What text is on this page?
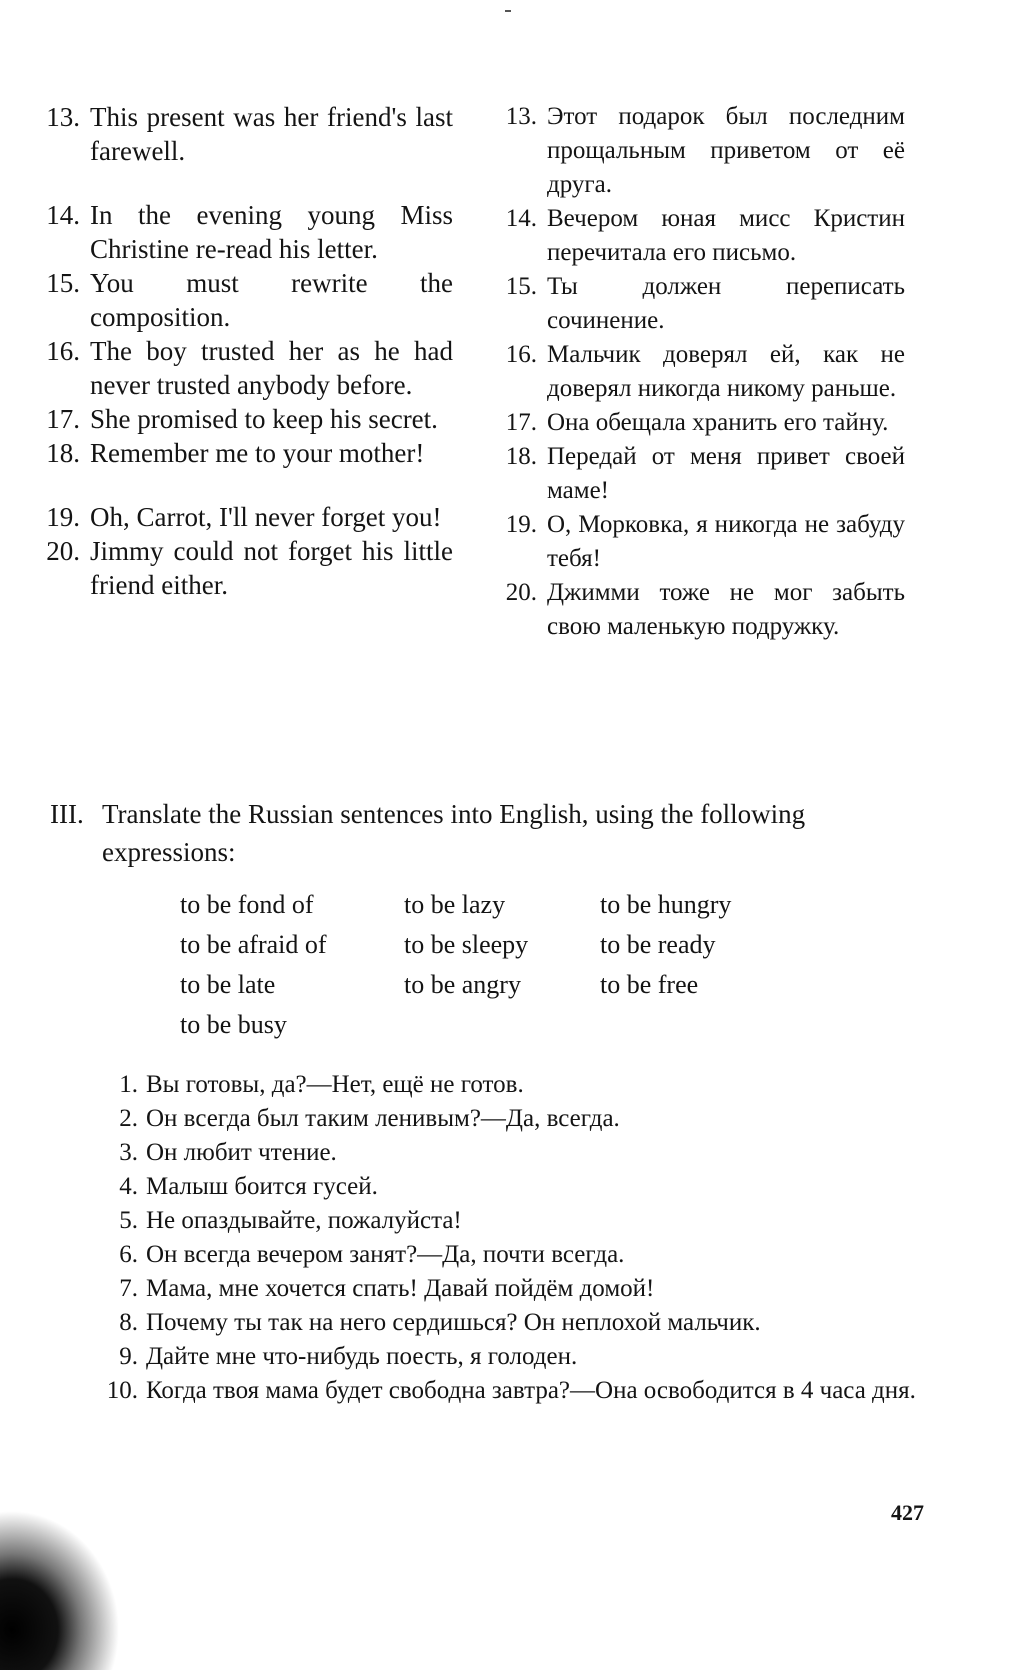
13. This present was her friend's last farewell.
14. In the evening young Miss Christine re-read his letter.
15. You must rewrite the composition.
16. The boy trusted her as he had never trusted anybody before.
17. She promised to keep his secret.
18. Remember me to your mother!
19. Oh, Carrot, I'll never forget you!
20. Jimmy could not forget his little friend either.
13. Этот подарок был последним прощальным приветом от её друга.
14. Вечером юная мисс Кристин перечитала его письмо.
15. Ты должен переписать сочинение.
16. Мальчик доверял ей, как не доверял никогда никому раньше.
17. Она обещала хранить его тайну.
18. Передай от меня привет своей маме!
19. О, Морковка, я никогда не забуду тебя!
20. Джимми тоже не мог забыть свою маленькую подружку.
III. Translate the Russian sentences into English, using the following expressions:
to be fond of	to be lazy	to be hungry
to be afraid of	to be sleepy	to be ready
to be late	to be angry	to be free
to be busy
1. Вы готовы, да?—Нет, ещё не готов.
2. Он всегда был таким ленивым?—Да, всегда.
3. Он любит чтение.
4. Малыш боится гусей.
5. Не опаздывайте, пожалуйста!
6. Он всегда вечером занят?—Да, почти всегда.
7. Мама, мне хочется спать! Давай пойдём домой!
8. Почему ты так на него сердишься? Он неплохой мальчик.
9. Дайте мне что-нибудь поесть, я голоден.
10. Когда твоя мама будет свободна завтра?—Она освободится в 4 часа дня.
427
